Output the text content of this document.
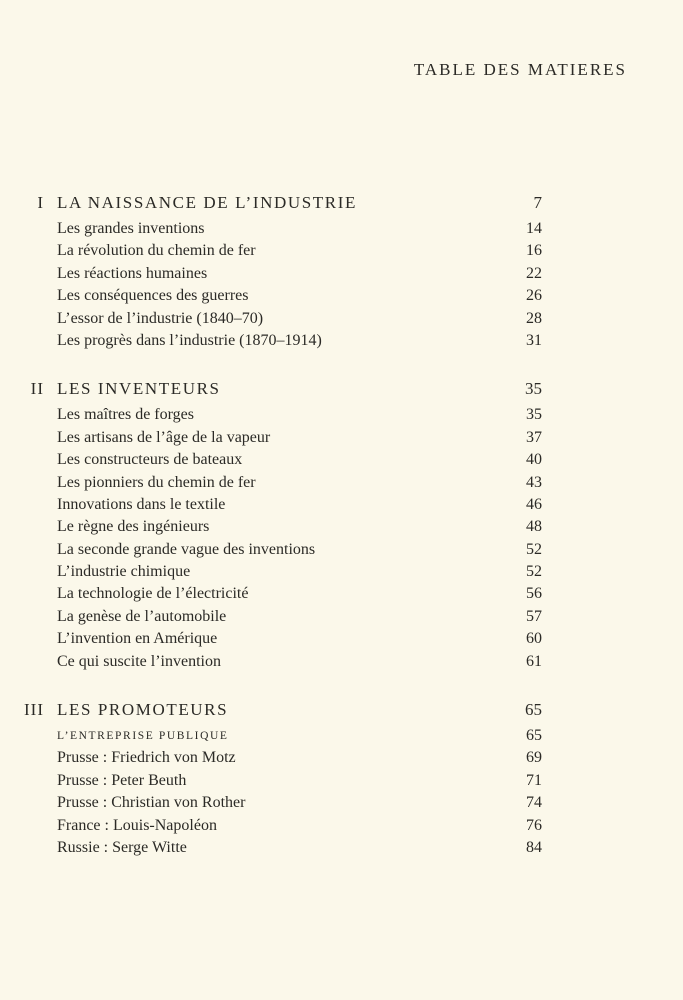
TABLE DES MATIERES
I LA NAISSANCE DE L’INDUSTRIE	7
Les grandes inventions	14
La révolution du chemin de fer	16
Les réactions humaines	22
Les conséquences des guerres	26
L’essor de l’industrie (1840–70)	28
Les progrès dans l’industrie (1870–1914)	31
II LES INVENTEURS	35
Les maîtres de forges	35
Les artisans de l’âge de la vapeur	37
Les constructeurs de bateaux	40
Les pionniers du chemin de fer	43
Innovations dans le textile	46
Le règne des ingénieurs	48
La seconde grande vague des inventions	52
L’industrie chimique	52
La technologie de l’électricité	56
La genèse de l’automobile	57
L’invention en Amérique	60
Ce qui suscite l’invention	61
III LES PROMOTEURS	65
L’ENTREPRISE PUBLIQUE	65
Prusse : Friedrich von Motz	69
Prusse : Peter Beuth	71
Prusse : Christian von Rother	74
France : Louis-Napoléon	76
Russie : Serge Witte	84
